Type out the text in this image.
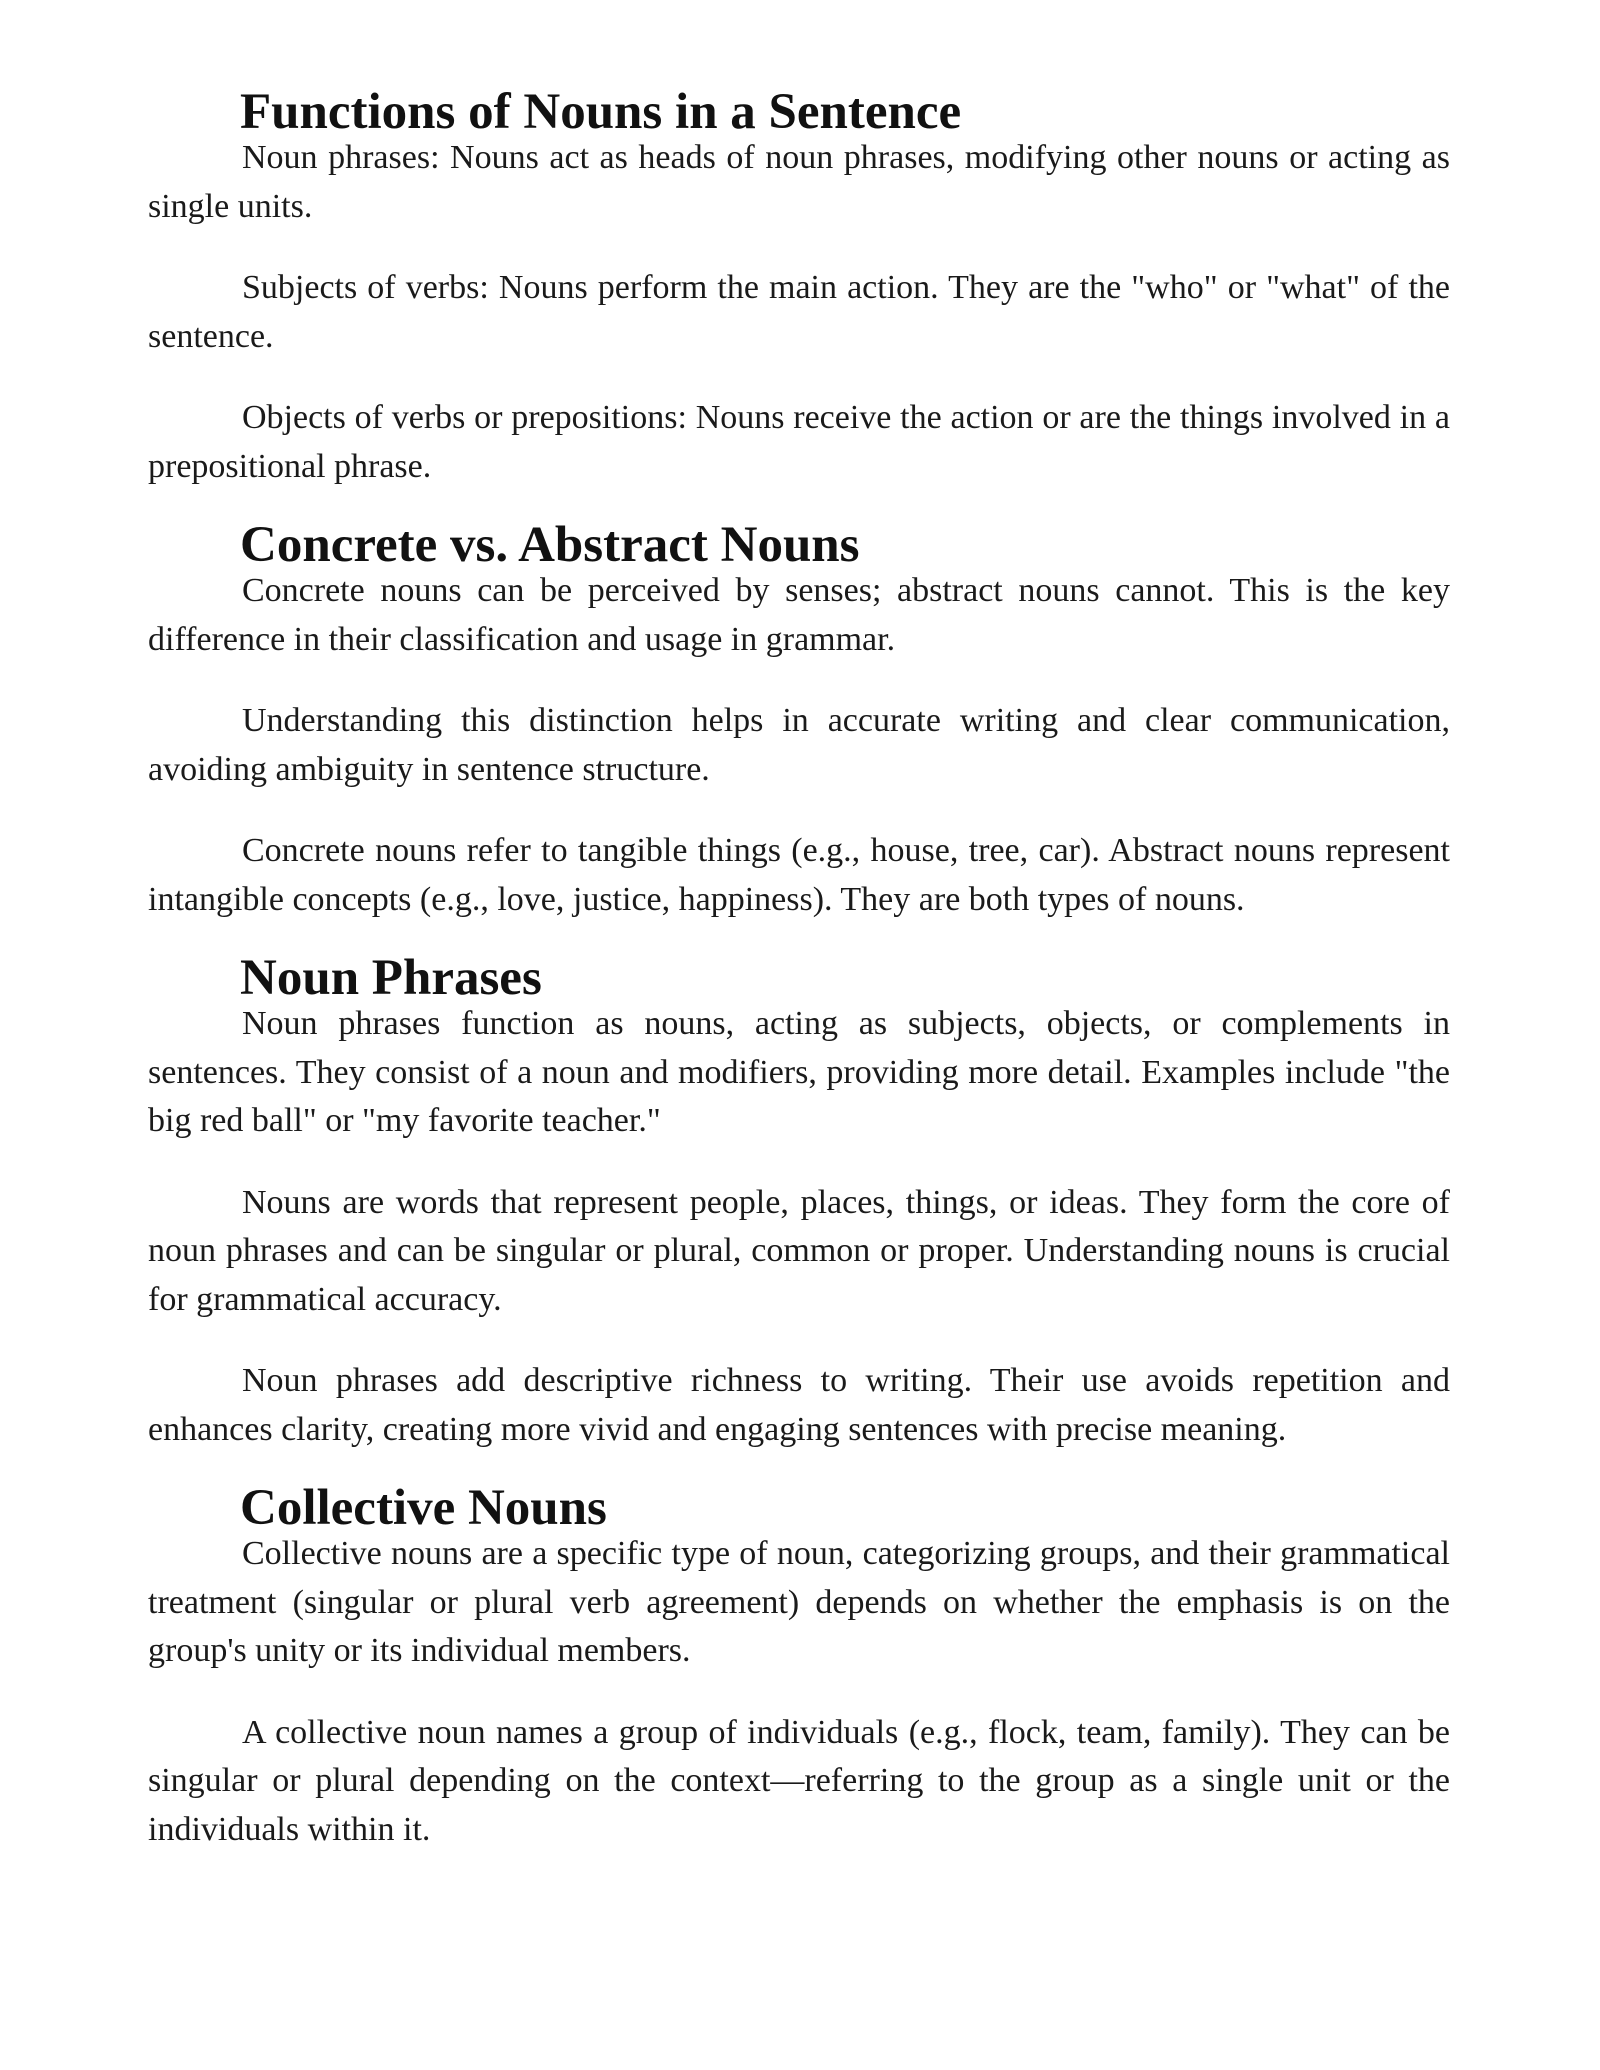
Functions of Nouns in a Sentence

Noun phrases: Nouns act as heads of noun phrases, modifying other nouns or acting as single units.

Subjects of verbs: Nouns perform the main action. They are the "who" or "what" of the sentence.

Objects of verbs or prepositions: Nouns receive the action or are the things involved in a prepositional phrase.

Concrete vs. Abstract Nouns

Concrete nouns can be perceived by senses; abstract nouns cannot. This is the key difference in their classification and usage in grammar.

Understanding this distinction helps in accurate writing and clear communication, avoiding ambiguity in sentence structure.

Concrete nouns refer to tangible things (e.g., house, tree, car). Abstract nouns represent intangible concepts (e.g., love, justice, happiness). They are both types of nouns.

Noun Phrases

Noun phrases function as nouns, acting as subjects, objects, or complements in sentences. They consist of a noun and modifiers, providing more detail. Examples include "the big red ball" or "my favorite teacher."

Nouns are words that represent people, places, things, or ideas. They form the core of noun phrases and can be singular or plural, common or proper. Understanding nouns is crucial for grammatical accuracy.

Noun phrases add descriptive richness to writing. Their use avoids repetition and enhances clarity, creating more vivid and engaging sentences with precise meaning.

Collective Nouns

Collective nouns are a specific type of noun, categorizing groups, and their grammatical treatment (singular or plural verb agreement) depends on whether the emphasis is on the group's unity or its individual members.

A collective noun names a group of individuals (e.g., flock, team, family). They can be singular or plural depending on the context—referring to the group as a single unit or the individuals within it.
